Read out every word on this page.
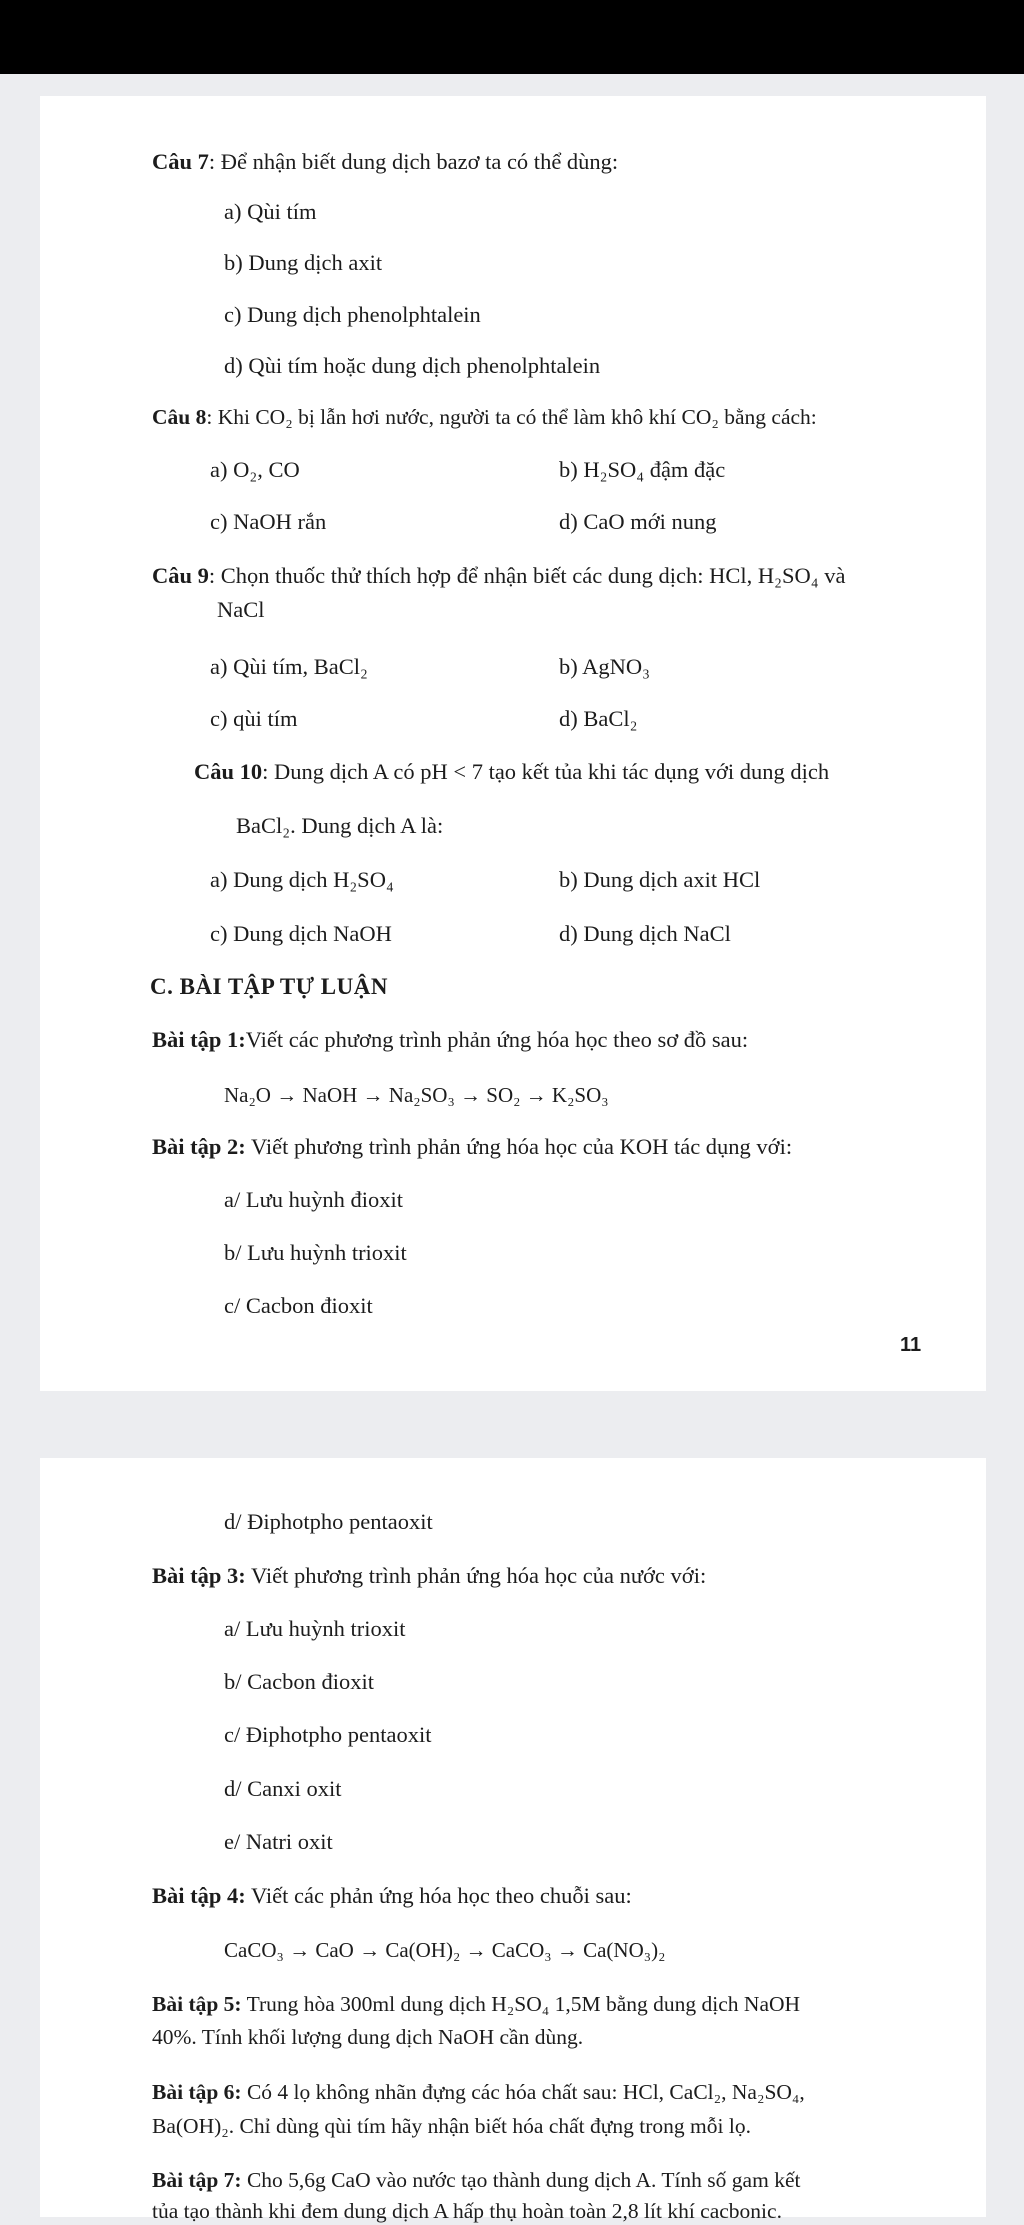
Câu 7: Để nhận biết dung dịch bazơ ta có thể dùng:
a) Qùi tím
b) Dung dịch axit
c) Dung dịch phenolphtalein
d) Qùi tím hoặc dung dịch phenolphtalein
Câu 8: Khi CO₂ bị lẫn hơi nước, người ta có thể làm khô khí CO₂ bằng cách:
a) O₂, CO	b) H₂SO₄ đậm đặc
c) NaOH rắn	d) CaO mới nung
Câu 9: Chọn thuốc thử thích hợp để nhận biết các dung dịch: HCl, H₂SO₄ và
NaCl
a) Qùi tím, BaCl₂	b) AgNO₃
c) qùi tím	d) BaCl₂
Câu 10: Dung dịch A có pH < 7 tạo kết tủa khi tác dụng với dung dịch
BaCl₂. Dung dịch A là:
a) Dung dịch H₂SO₄	b) Dung dịch axit HCl
c) Dung dịch NaOH	d) Dung dịch NaCl
C. BÀI TẬP TỰ LUẬN
Bài tập 1:Viết các phương trình phản ứng hóa học theo sơ đồ sau:
Na₂O → NaOH → Na₂SO₃ → SO₂ → K₂SO₃
Bài tập 2: Viết phương trình phản ứng hóa học của KOH tác dụng với:
a/ Lưu huỳnh đioxit
b/ Lưu huỳnh trioxit
c/ Cacbon đioxit
11
d/ Điphotpho pentaoxit
Bài tập 3: Viết phương trình phản ứng hóa học của nước với:
a/ Lưu huỳnh trioxit
b/ Cacbon đioxit
c/ Điphotpho pentaoxit
d/ Canxi oxit
e/ Natri oxit
Bài tập 4: Viết các phản ứng hóa học theo chuỗi sau:
CaCO₃ → CaO → Ca(OH)₂ → CaCO₃ → Ca(NO₃)₂
Bài tập 5: Trung hòa 300ml dung dịch H₂SO₄ 1,5M bằng dung dịch NaOH
40%. Tính khối lượng dung dịch NaOH cần dùng.
Bài tập 6: Có 4 lọ không nhãn đựng các hóa chất sau: HCl, CaCl₂, Na₂SO₄,
Ba(OH)₂. Chỉ dùng qùi tím hãy nhận biết hóa chất đựng trong mỗi lọ.
Bài tập 7: Cho 5,6g CaO vào nước tạo thành dung dịch A. Tính số gam kết
tủa tạo thành khi đem dung dịch A hấp thụ hoàn toàn 2,8 lít khí cacbonic.
